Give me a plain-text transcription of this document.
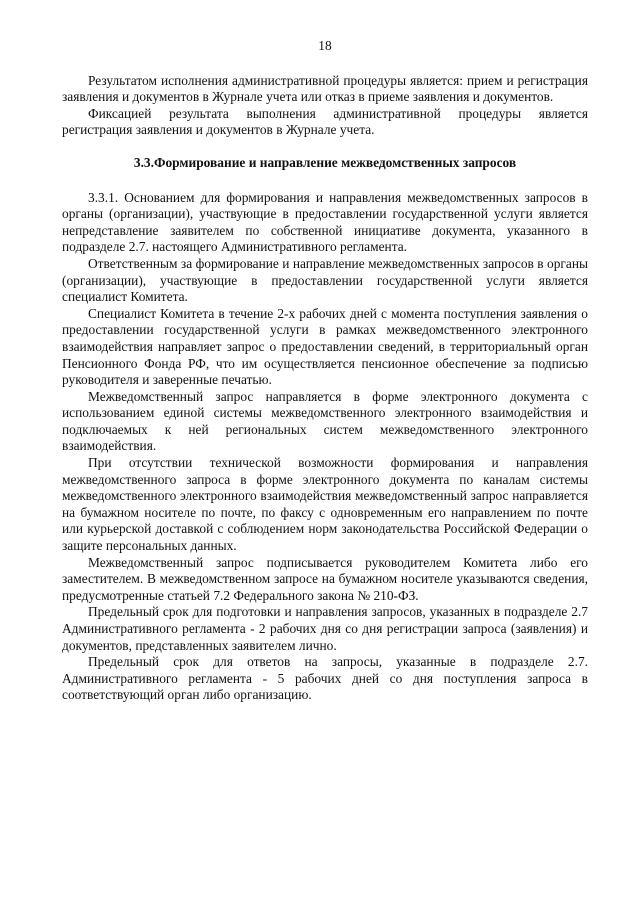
18

Результатом исполнения административной процедуры является: прием и регистрация заявления и документов в Журнале учета или отказ в приеме заявления и документов.

Фиксацией результата выполнения административной процедуры является регистрация заявления и документов в Журнале учета.

3.3.Формирование и направление межведомственных запросов

3.3.1. Основанием для формирования и направления межведомственных запросов в органы (организации), участвующие в предоставлении государственной услуги является непредставление заявителем по собственной инициативе документа, указанного в подразделе 2.7. настоящего Административного регламента.

Ответственным за формирование и направление межведомственных запросов в органы (организации), участвующие в предоставлении государственной услуги является специалист Комитета.

Специалист Комитета в течение 2-х рабочих дней с момента поступления заявления о предоставлении государственной услуги в рамках межведомственного электронного взаимодействия направляет запрос о предоставлении сведений, в территориальный орган Пенсионного Фонда РФ, что им осуществляется пенсионное обеспечение за подписью руководителя и заверенные печатью.

Межведомственный запрос направляется в форме электронного документа с использованием единой системы межведомственного электронного взаимодействия и подключаемых к ней региональных систем межведомственного электронного взаимодействия.

При отсутствии технической возможности формирования и направления межведомственного запроса в форме электронного документа по каналам системы межведомственного электронного взаимодействия межведомственный запрос направляется на бумажном носителе по почте, по факсу с одновременным его направлением по почте или курьерской доставкой с соблюдением норм законодательства Российской Федерации о защите персональных данных.

Межведомственный запрос подписывается руководителем Комитета либо его заместителем. В межведомственном запросе на бумажном носителе указываются сведения, предусмотренные статьей 7.2 Федерального закона № 210-ФЗ.

Предельный срок для подготовки и направления запросов, указанных в подразделе 2.7 Административного регламента - 2 рабочих дня со дня регистрации запроса (заявления) и документов, представленных заявителем лично.

Предельный срок для ответов на запросы, указанные в подразделе 2.7. Административного регламента - 5 рабочих дней со дня поступления запроса в соответствующий орган либо организацию.
